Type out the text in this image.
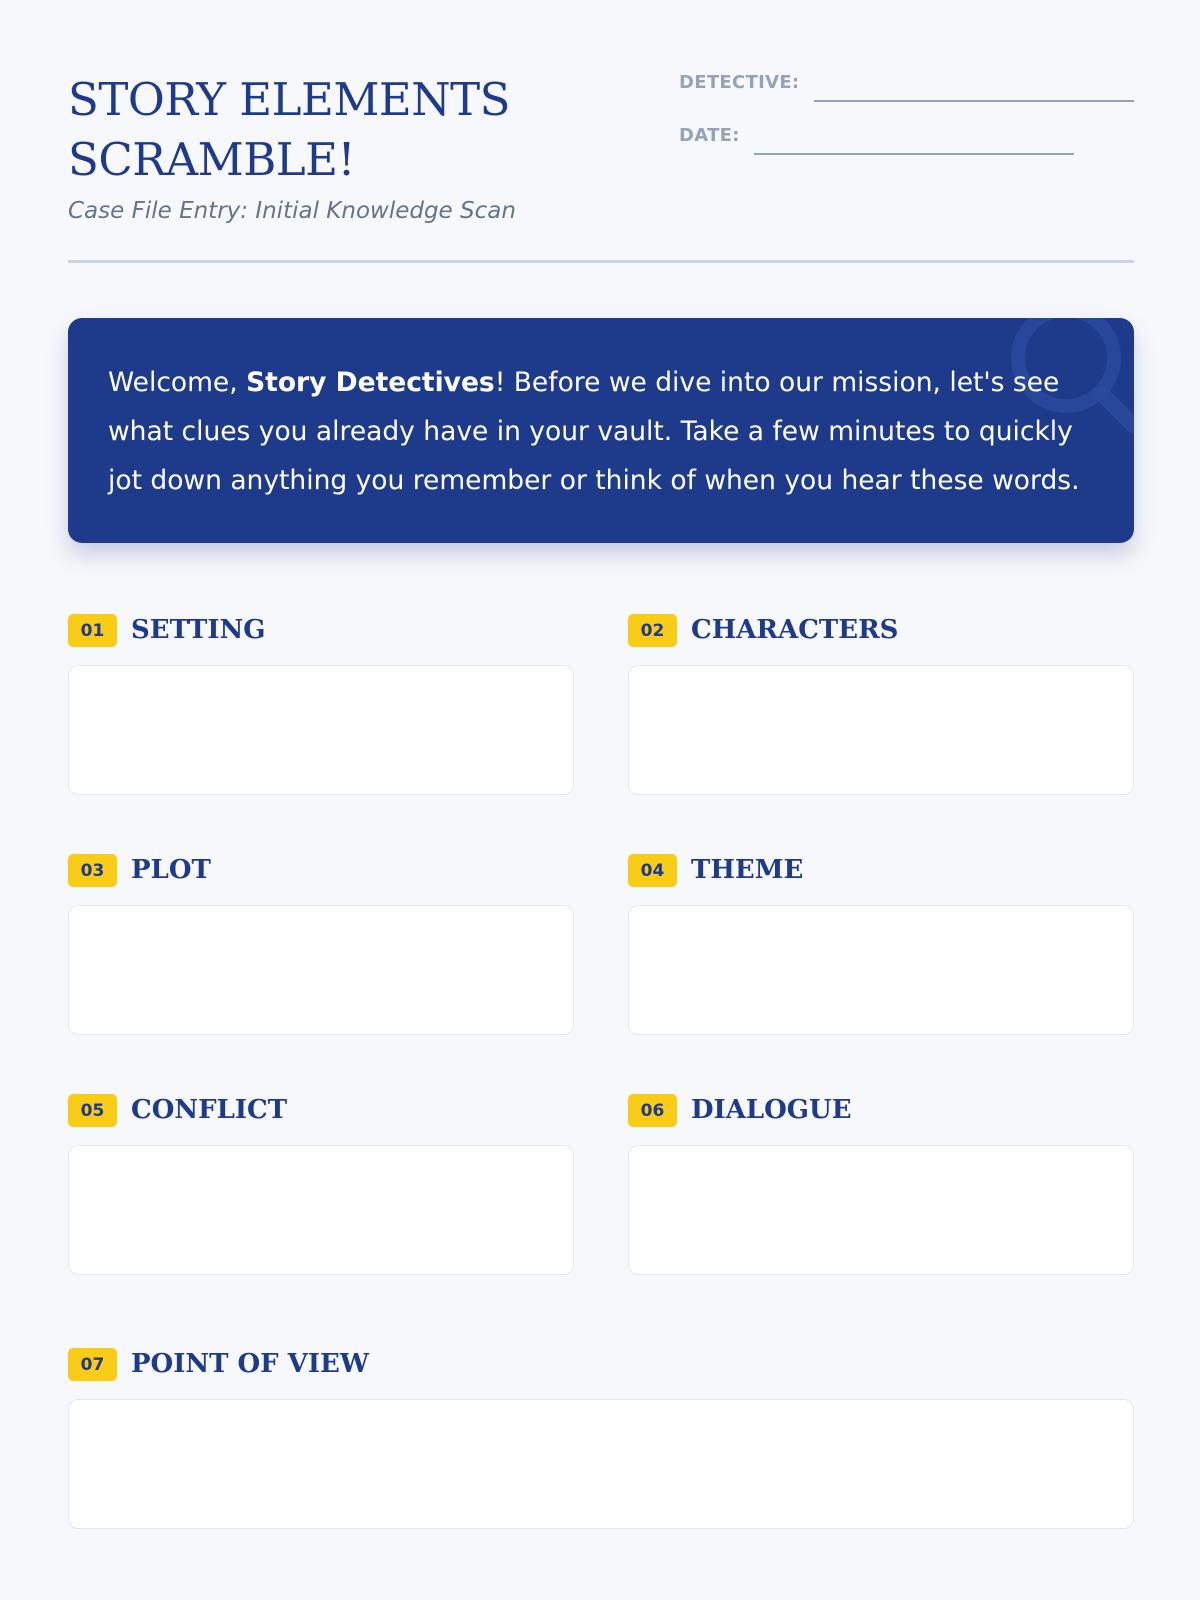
STORY ELEMENTS SCRAMBLE!

Case File Entry: Initial Knowledge Scan

DETECTIVE:
DATE:

Welcome, Story Detectives! Before we dive into our mission, let's see what clues you already have in your vault. Take a few minutes to quickly jot down anything you remember or think of when you hear these words.

01	SETTING	02	CHARACTERS
03	PLOT	04	THEME
05	CONFLICT	06	DIALOGUE
07	POINT OF VIEW
